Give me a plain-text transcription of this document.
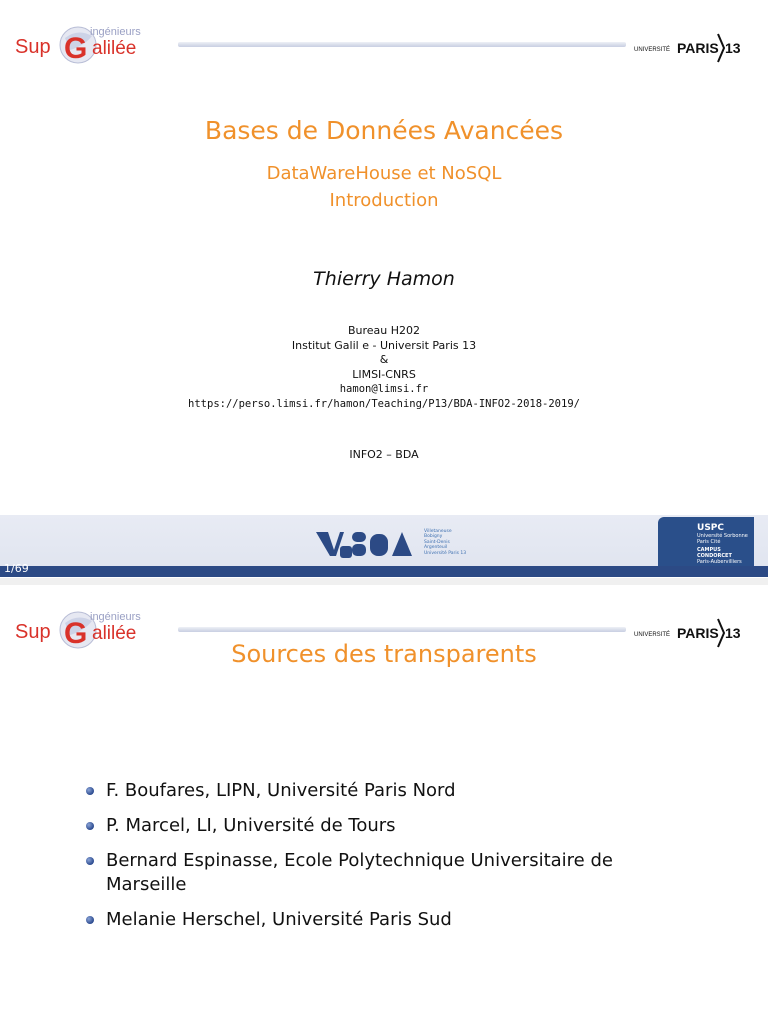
Sup G ingénieurs
alilée	UNIVERSITÉ PARIS 13
Bases de Données Avancées
DataWareHouse et NoSQL
Introduction
Thierry Hamon
Bureau H202
Institut Galil e - Universit Paris 13
&
LIMSI-CNRS
hamon@limsi.fr
https://perso.limsi.fr/hamon/Teaching/P13/BDA-INFO2-2018-2019/
INFO2 – BDA
Villetaneuse
Bobigny
Saint-Denis
Argenteuil
Université Paris 13
USPC
Université Sorbonne
Paris Cité
CAMPUS
CONDORCET
Paris-Aubervilliers
1/69
Sup G ingénieurs
alilée	UNIVERSITÉ PARIS 13
Sources des transparents
F. Boufares, LIPN, Université Paris Nord
P. Marcel, LI, Université de Tours
Bernard Espinasse, Ecole Polytechnique Universitaire de Marseille
Melanie Herschel, Université Paris Sud
